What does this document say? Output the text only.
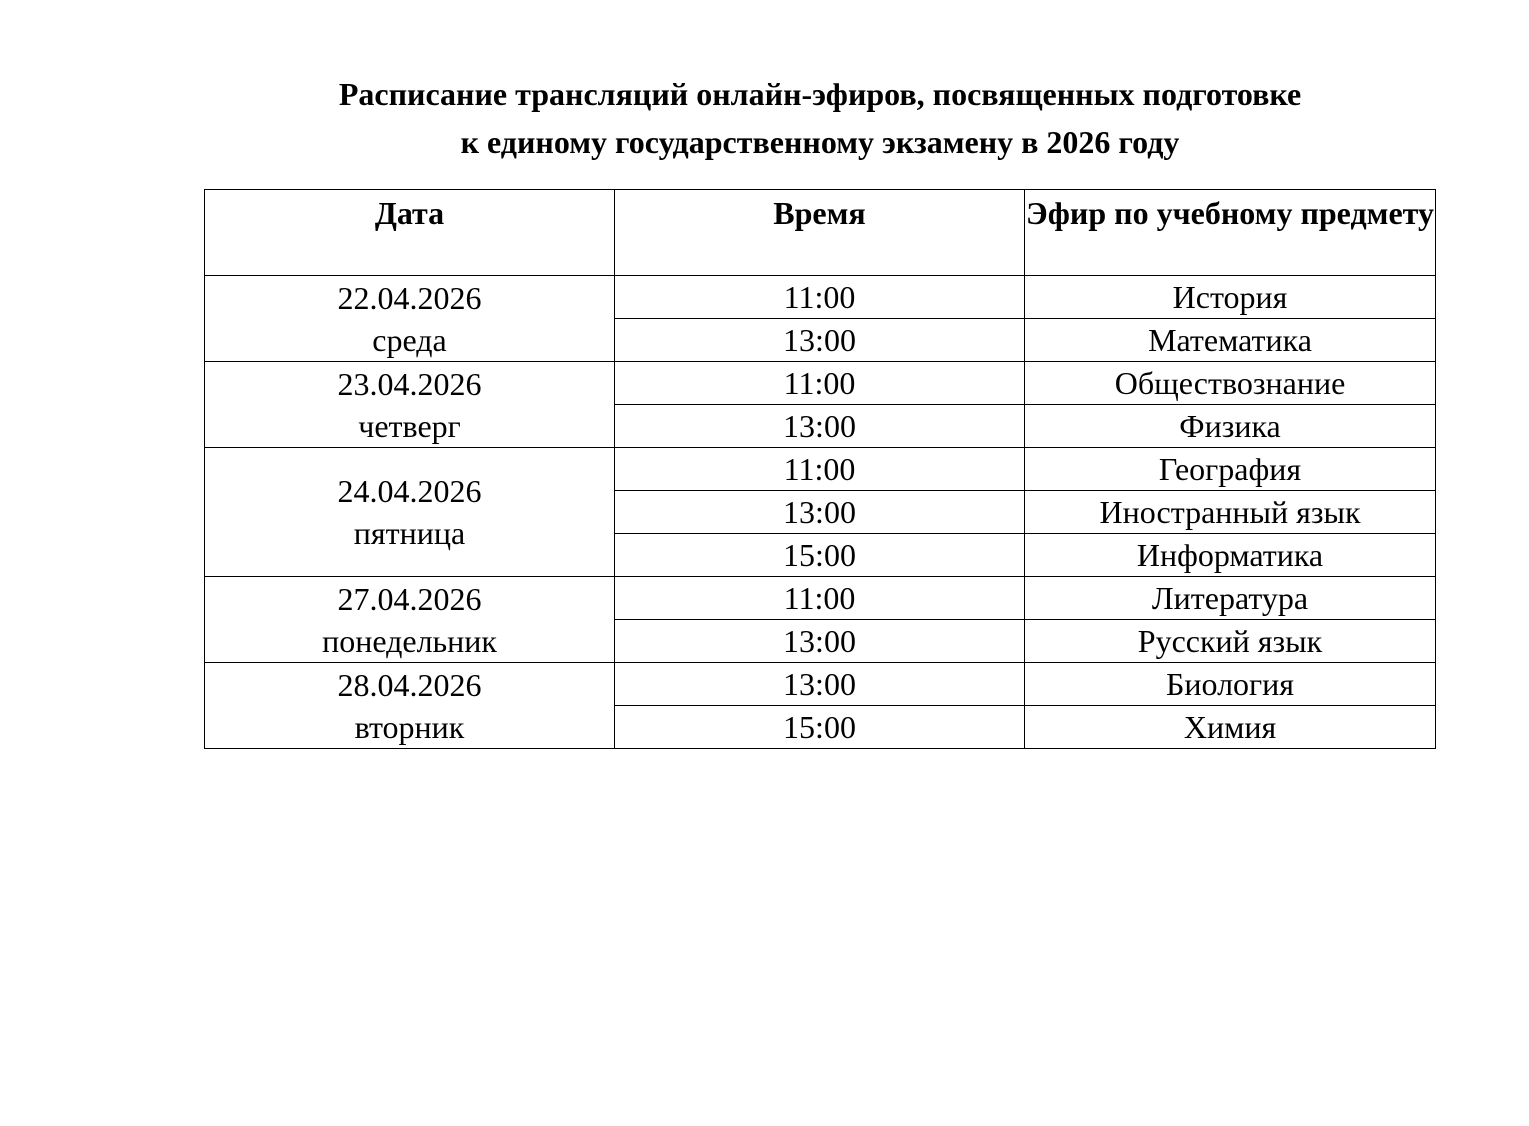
Расписание трансляций онлайн-эфиров, посвященных подготовке
к единому государственному экзамену в 2026 году
Дата	Время	Эфир по учебному предмету

22.04.2026
среда	11:00	История
	13:00	Математика

23.04.2026
четверг	11:00	Обществознание
	13:00	Физика

24.04.2026
пятница	11:00	География
	13:00	Иностранный язык
	15:00	Информатика

27.04.2026
понедельник	11:00	Литература
	13:00	Русский язык

28.04.2026
вторник	13:00	Биология
	15:00	Химия
